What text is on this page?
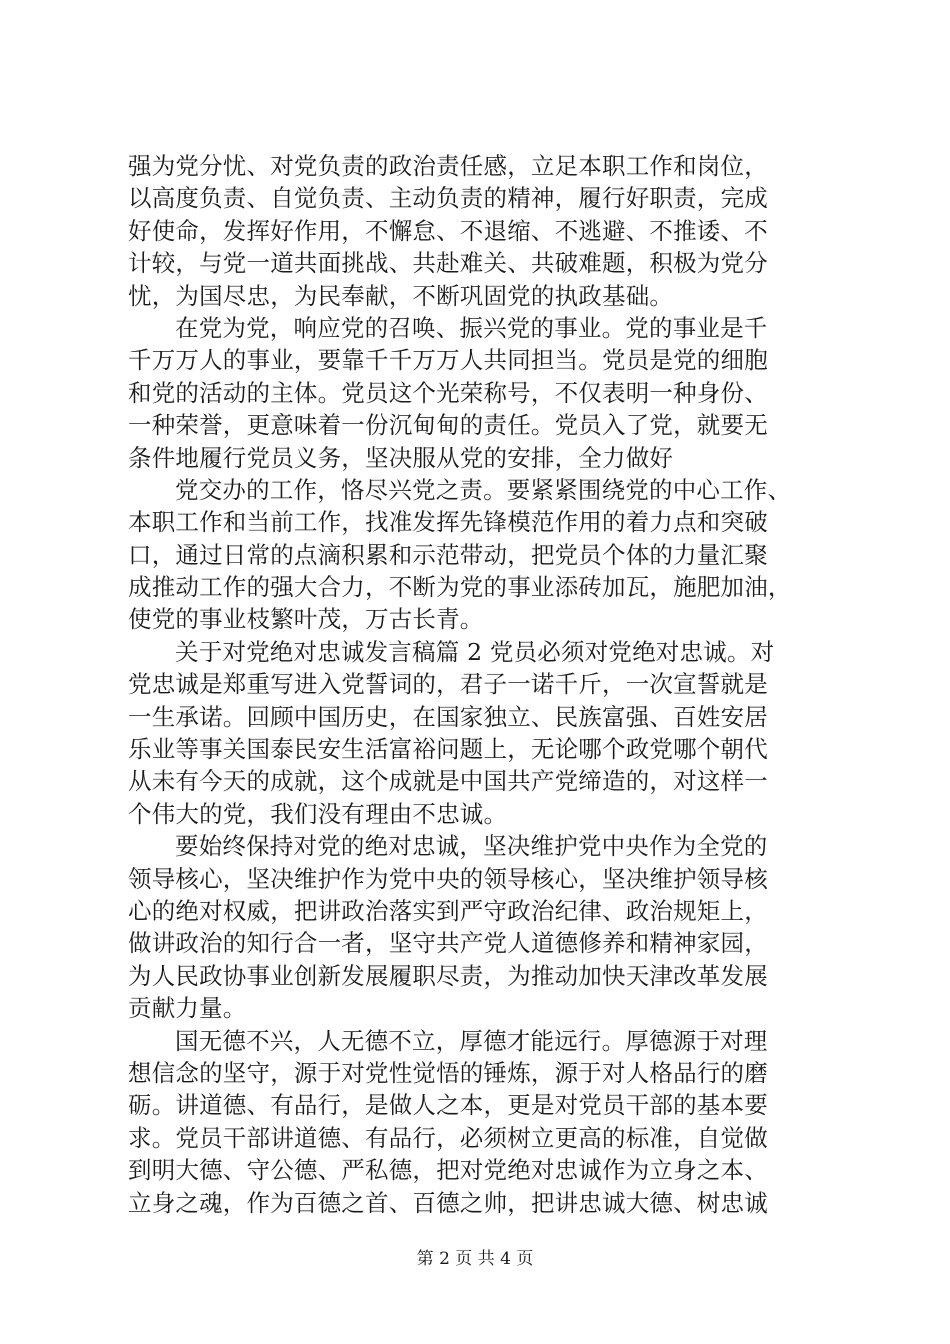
强为党分忧、对党负责的政治责任感，立足本职工作和岗位，
以高度负责、自觉负责、主动负责的精神，履行好职责，完成
好使命，发挥好作用，不懈怠、不退缩、不逃避、不推诿、不
计较，与党一道共面挑战、共赴难关、共破难题，积极为党分
忧，为国尽忠，为民奉献，不断巩固党的执政基础。
在党为党，响应党的召唤、振兴党的事业。党的事业是千
千万万人的事业，要靠千千万万人共同担当。党员是党的细胞
和党的活动的主体。党员这个光荣称号，不仅表明一种身份、
一种荣誉，更意味着一份沉甸甸的责任。党员入了党，就要无
条件地履行党员义务，坚决服从党的安排，全力做好
党交办的工作，恪尽兴党之责。要紧紧围绕党的中心工作、
本职工作和当前工作，找准发挥先锋模范作用的着力点和突破
口，通过日常的点滴积累和示范带动，把党员个体的力量汇聚
成推动工作的强大合力，不断为党的事业添砖加瓦，施肥加油，
使党的事业枝繁叶茂，万古长青。
关于对党绝对忠诚发言稿篇 2 党员必须对党绝对忠诚。对
党忠诚是郑重写进入党誓词的，君子一诺千斤，一次宣誓就是
一生承诺。回顾中国历史，在国家独立、民族富强、百姓安居
乐业等事关国泰民安生活富裕问题上，无论哪个政党哪个朝代
从未有今天的成就，这个成就是中国共产党缔造的，对这样一
个伟大的党，我们没有理由不忠诚。
要始终保持对党的绝对忠诚，坚决维护党中央作为全党的
领导核心，坚决维护作为党中央的领导核心，坚决维护领导核
心的绝对权威，把讲政治落实到严守政治纪律、政治规矩上，
做讲政治的知行合一者，坚守共产党人道德修养和精神家园，
为人民政协事业创新发展履职尽责，为推动加快天津改革发展
贡献力量。
国无德不兴，人无德不立，厚德才能远行。厚德源于对理
想信念的坚守，源于对党性觉悟的锤炼，源于对人格品行的磨
砺。讲道德、有品行，是做人之本，更是对党员干部的基本要
求。党员干部讲道德、有品行，必须树立更高的标准，自觉做
到明大德、守公德、严私德，把对党绝对忠诚作为立身之本、
立身之魂，作为百德之首、百德之帅，把讲忠诚大德、树忠诚
第 2 页 共 4 页
